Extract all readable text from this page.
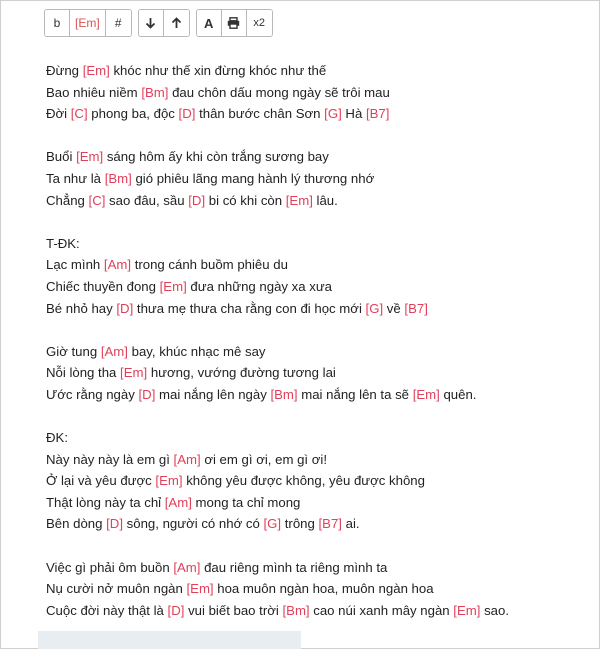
b	[Em]	#	A	x2
Đừng [Em] khóc như thế xin đừng khóc như thế
Bao nhiêu niềm [Bm] đau chôn dấu mong ngày sẽ trôi mau
Đời [C] phong ba, độc [D] thân bước chân Sơn [G] Hà [B7]
Buổi [Em] sáng hôm ấy khi còn trắng sương bay
Ta như là [Bm] gió phiêu lãng mang hành lý thương nhớ
Chẳng [C] sao đâu, sầu [D] bi có khi còn [Em] lâu.
T-ĐK:
Lạc mình [Am] trong cánh buồm phiêu du
Chiếc thuyền đong [Em] đưa những ngày xa xưa
Bé nhỏ hay [D] thưa mẹ thưa cha rằng con đi học mới [G] về [B7]
Giờ tung [Am] bay, khúc nhạc mê say
Nỗi lòng tha [Em] hương, vướng đường tương lai
Ước rằng ngày [D] mai nắng lên ngày [Bm] mai nắng lên ta sẽ [Em] quên.
ĐK:
Này này này là em gì [Am] ơi em gì ơi, em gì ơi!
Ở lại và yêu được [Em] không yêu được không, yêu được không
Thật lòng này ta chỉ [Am] mong ta chỉ mong
Bên dòng [D] sông, người có nhớ có [G] trông [B7] ai.
Việc gì phải ôm buồn [Am] đau riêng mình ta riêng mình ta
Nụ cười nở muôn ngàn [Em] hoa muôn ngàn hoa, muôn ngàn hoa
Cuộc đời này thật là [D] vui biết bao trời [Bm] cao núi xanh mây ngàn [Em] sao.
